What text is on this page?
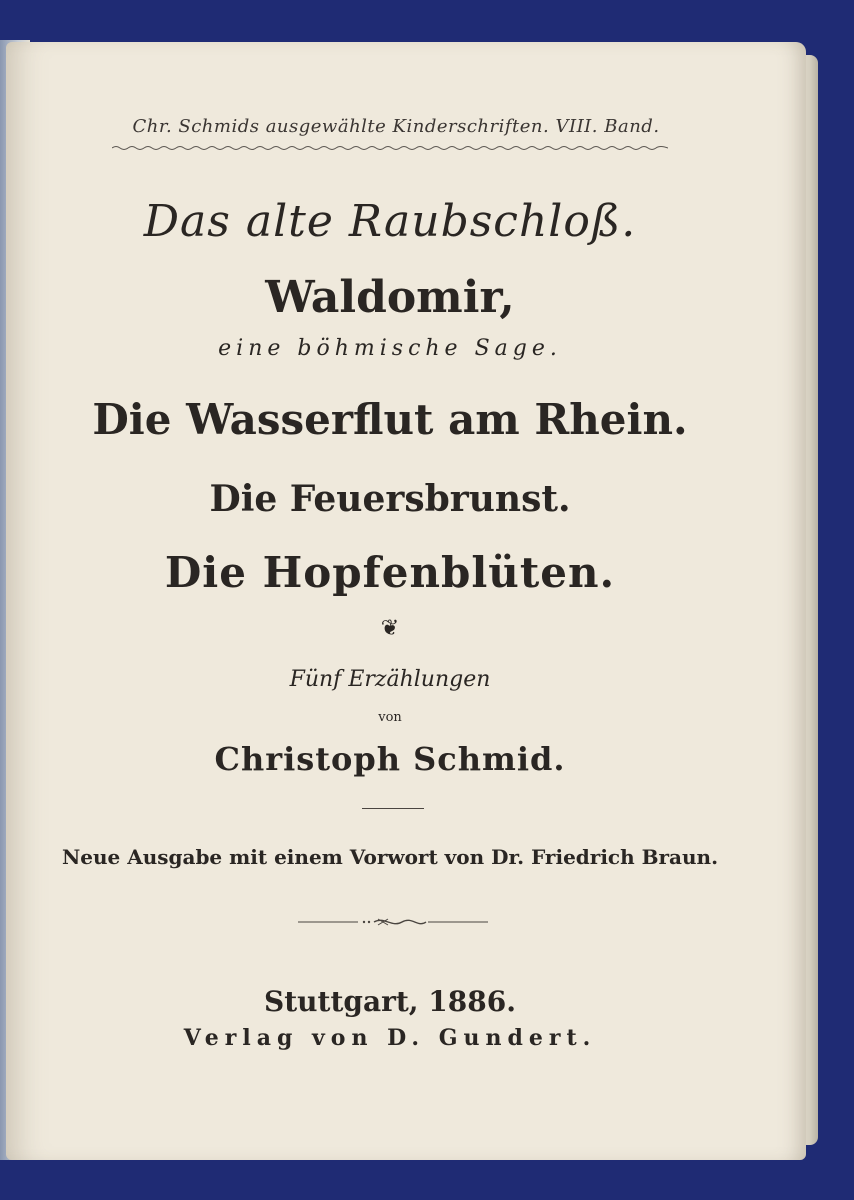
Chr. Schmids ausgewählte Kinderschriften. VIII. Band.
Das alte Raubschloß.
Waldomir,
eine böhmische Sage.
Die Wasserflut am Rhein.
Die Feuersbrunst.
Die Hopfenblüten.
❦
Fünf Erzählungen
von
Christoph Schmid.
Neue Ausgabe mit einem Vorwort von Dr. Friedrich Braun.
Stuttgart, 1886.
Verlag von D. Gundert.
